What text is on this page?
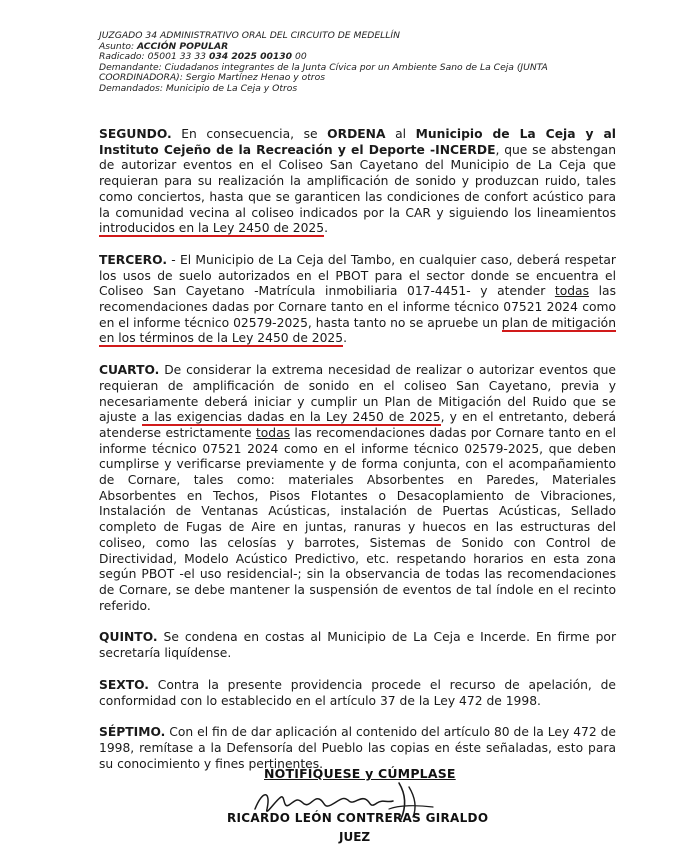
JUZGADO 34 ADMINISTRATIVO ORAL DEL CIRCUITO DE MEDELLÍN
Asunto: ACCIÓN POPULAR
Radicado: 05001 33 33 034 2025 00130 00
Demandante: Ciudadanos integrantes de la Junta Cívica por un Ambiente Sano de La Ceja (JUNTA
COORDINADORA): Sergio Martínez Henao y otros
Demandados: Municipio de La Ceja y Otros

SEGUNDO. En consecuencia, se ORDENA al Municipio de La Ceja y al Instituto Cejeño de la Recreación y el Deporte -INCERDE, que se abstengan de autorizar eventos en el Coliseo San Cayetano del Municipio de La Ceja que requieran para su realización la amplificación de sonido y produzcan ruido, tales como conciertos, hasta que se garanticen las condiciones de confort acústico para la comunidad vecina al coliseo indicados por la CAR y siguiendo los lineamientos introducidos en la Ley 2450 de 2025.

TERCERO. - El Municipio de La Ceja del Tambo, en cualquier caso, deberá respetar los usos de suelo autorizados en el PBOT para el sector donde se encuentra el Coliseo San Cayetano -Matrícula inmobiliaria 017-4451- y atender todas las recomendaciones dadas por Cornare tanto en el informe técnico 07521 2024 como en el informe técnico 02579-2025, hasta tanto no se apruebe un plan de mitigación en los términos de la Ley 2450 de 2025.

CUARTO. De considerar la extrema necesidad de realizar o autorizar eventos que requieran de amplificación de sonido en el coliseo San Cayetano, previa y necesariamente deberá iniciar y cumplir un Plan de Mitigación del Ruido que se ajuste a las exigencias dadas en la Ley 2450 de 2025, y en el entretanto, deberá atenderse estrictamente todas las recomendaciones dadas por Cornare tanto en el informe técnico 07521 2024 como en el informe técnico 02579-2025, que deben cumplirse y verificarse previamente y de forma conjunta, con el acompañamiento de Cornare, tales como: materiales Absorbentes en Paredes, Materiales Absorbentes en Techos, Pisos Flotantes o Desacoplamiento de Vibraciones, Instalación de Ventanas Acústicas, instalación de Puertas Acústicas, Sellado completo de Fugas de Aire en juntas, ranuras y huecos en las estructuras del coliseo, como las celosías y barrotes, Sistemas de Sonido con Control de Directividad, Modelo Acústico Predictivo, etc. respetando horarios en esta zona según PBOT -el uso residencial-; sin la observancia de todas las recomendaciones de Cornare, se debe mantener la suspensión de eventos de tal índole en el recinto referido.

QUINTO. Se condena en costas al Municipio de La Ceja e Incerde. En firme por secretaría liquídense.

SEXTO. Contra la presente providencia procede el recurso de apelación, de conformidad con lo establecido en el artículo 37 de la Ley 472 de 1998.

SÉPTIMO. Con el fin de dar aplicación al contenido del artículo 80 de la Ley 472 de 1998, remítase a la Defensoría del Pueblo las copias en éste señaladas, esto para su conocimiento y fines pertinentes.

NOTIFÍQUESE y CÚMPLASE
RICARDO LEÓN CONTRERAS GIRALDO
JUEZ
